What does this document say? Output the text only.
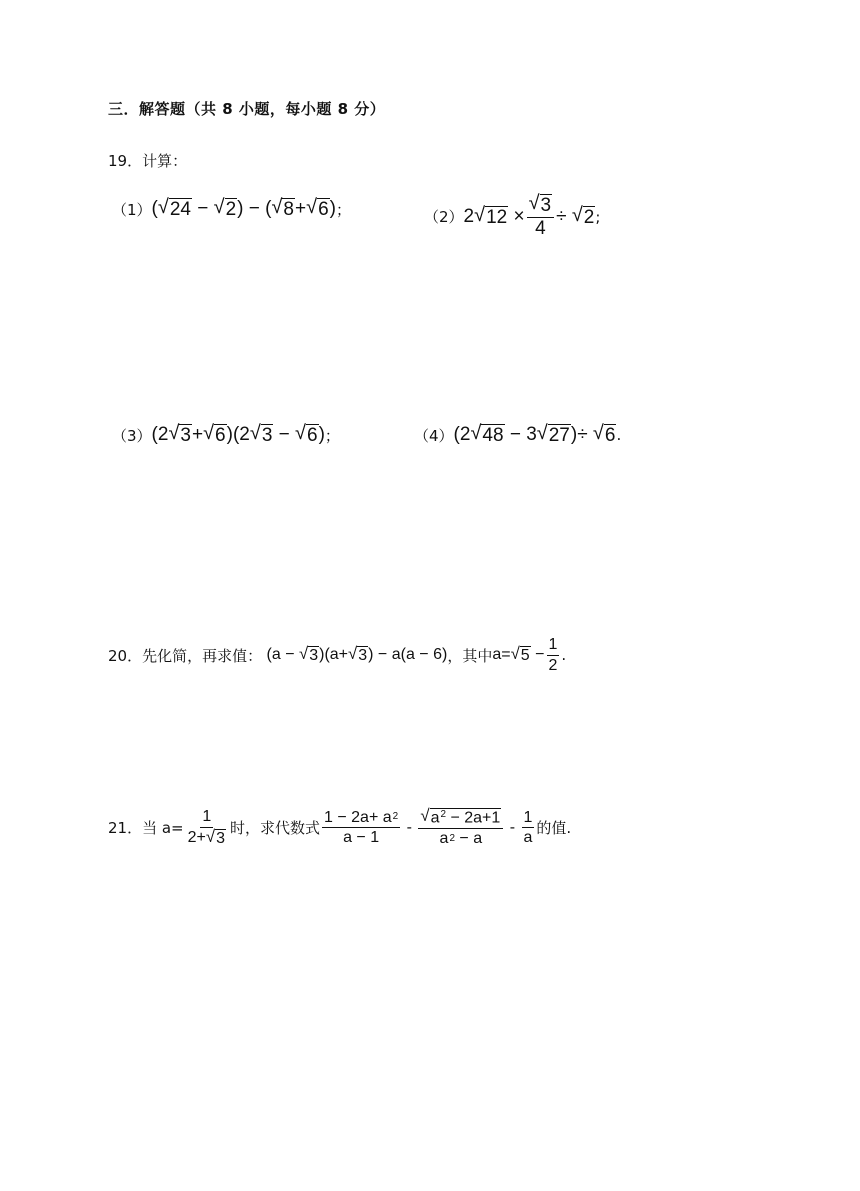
三．解答题（共 8 小题，每小题 8 分）
19．计算：
（1） ( √ 24 − √ 2 ) − ( √ 8 + √ 6 ) ；	（2） 2 √ $12 \times \frac{√ 3}{4}$ ÷ √ 2 ;
（3） (2 √ 3 + √ 6 )(2 √ 3 − √ 6 ) ；	（4） (2 √ 48 − 3 √ 27 )÷ √ 6 .
20．先化简，再求值： (a − √ 3 )(a+ √ 3 ) − a(a − 6) ，其中 a= √ $5 - \frac{1}{2}$ .
21．当 $a= \frac{1}{2+ √ 3}$ 时，求代数式 $\frac{1 - 2a+ a 2}{a - 1} - \frac{√ a^2 - 2a+1}{a 2 - a} - \frac{1}{a}$ 的值.
